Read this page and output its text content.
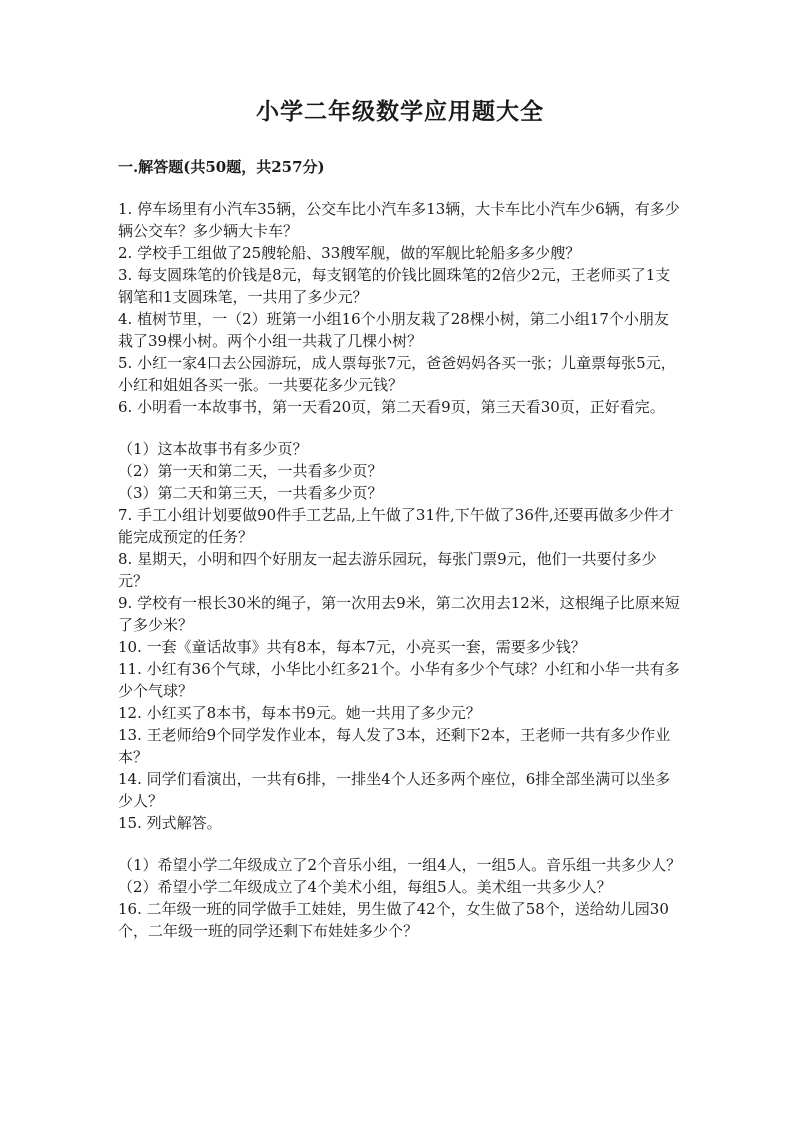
小学二年级数学应用题大全
一.解答题(共50题，共257分)

1. 停车场里有小汽车35辆，公交车比小汽车多13辆，大卡车比小汽车少6辆，有多少辆公交车？多少辆大卡车？

2. 学校手工组做了25艘轮船、33艘军舰，做的军舰比轮船多多少艘？

3. 每支圆珠笔的价钱是8元，每支钢笔的价钱比圆珠笔的2倍少2元，王老师买了1支钢笔和1支圆珠笔，一共用了多少元？

4. 植树节里，一（2）班第一小组16个小朋友栽了28棵小树，第二小组17个小朋友栽了39棵小树。两个小组一共栽了几棵小树？

5. 小红一家4口去公园游玩，成人票每张7元，爸爸妈妈各买一张；儿童票每张5元，小红和姐姐各买一张。一共要花多少元钱？

6. 小明看一本故事书，第一天看20页，第二天看9页，第三天看30页，正好看完。

（1）这本故事书有多少页？

（2）第一天和第二天，一共看多少页？

（3）第二天和第三天，一共看多少页？

7. 手工小组计划要做90件手工艺品,上午做了31件,下午做了36件,还要再做多少件才能完成预定的任务？

8. 星期天，小明和四个好朋友一起去游乐园玩，每张门票9元，他们一共要付多少元？

9. 学校有一根长30米的绳子，第一次用去9米，第二次用去12米，这根绳子比原来短了多少米？

10. 一套《童话故事》共有8本，每本7元，小亮买一套，需要多少钱？

11. 小红有36个气球，小华比小红多21个。小华有多少个气球？小红和小华一共有多少个气球？

12. 小红买了8本书，每本书9元。她一共用了多少元？

13. 王老师给9个同学发作业本，每人发了3本，还剩下2本，王老师一共有多少作业本？

14. 同学们看演出，一共有6排，一排坐4个人还多两个座位，6排全部坐满可以坐多少人？

15. 列式解答。

（1）希望小学二年级成立了2个音乐小组，一组4人，一组5人。音乐组一共多少人？

（2）希望小学二年级成立了4个美术小组，每组5人。美术组一共多少人？

16. 二年级一班的同学做手工娃娃，男生做了42个，女生做了58个，送给幼儿园30个，二年级一班的同学还剩下布娃娃多少个？
